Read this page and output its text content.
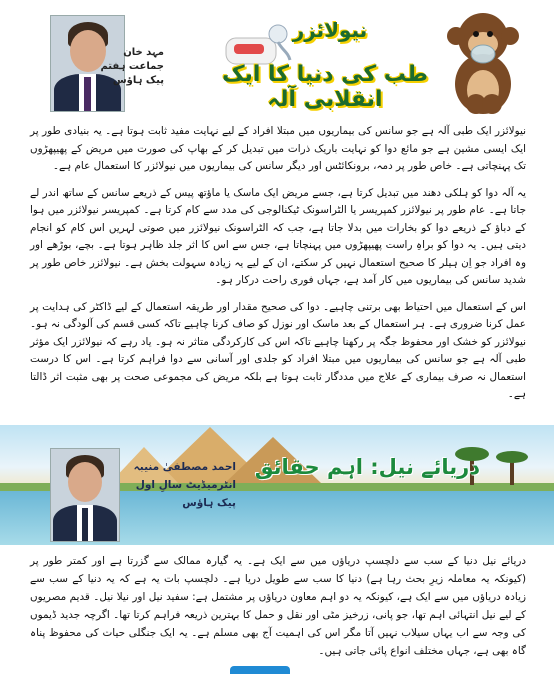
مہد خان
جماعت ہفتم
پیک ہاؤس
نیولائزر
طب کی دنیا کا ایک انقلابی آلہ

نیولائزر ایک طبی آلہ ہے جو سانس کی بیماریوں میں مبتلا افراد کے لیے نہایت مفید ثابت ہوتا ہے۔ یہ بنیادی طور پر ایک ایسی مشین ہے جو مائع دوا کو نہایت باریک ذرات میں تبدیل کر کے بھاپ کی صورت میں مریض کے پھیپھڑوں تک پہنچاتی ہے۔ خاص طور پر دمہ، برونکائٹس اور دیگر سانس کی بیماریوں میں نیولائزر کا استعمال عام ہے۔

یہ آلہ دوا کو ہلکی دھند میں تبدیل کرتا ہے، جسے مریض ایک ماسک یا ماؤتھ پیس کے ذریعے سانس کے ساتھ اندر لے جاتا ہے۔ عام طور پر نیولائزر کمپریسر یا الٹراسونک ٹیکنالوجی کی مدد سے کام کرتا ہے۔ کمپریسر نیولائزر میں ہوا کے دباؤ کے ذریعے دوا کو بخارات میں بدلا جاتا ہے، جب کہ الٹراسونک نیولائزر میں صوتی لہریں اس کام کو انجام دیتی ہیں۔ یہ دوا کو براہِ راست پھیپھڑوں میں پہنچاتا ہے، جس سے اس کا اثر جلد ظاہر ہوتا ہے۔ بچے، بوڑھے اور وہ افراد جو اِن ہیلر کا صحیح استعمال نہیں کر سکتے، ان کے لیے یہ زیادہ سہولت بخش ہے۔ نیولائزر خاص طور پر شدید سانس کی بیماریوں میں کار آمد ہے، جہاں فوری راحت درکار ہو۔

اس کے استعمال میں احتیاط بھی برتنی چاہیے۔ دوا کی صحیح مقدار اور طریقہ استعمال کے لیے ڈاکٹر کی ہدایت پر عمل کرنا ضروری ہے۔ ہر استعمال کے بعد ماسک اور نوزل کو صاف کرنا چاہیے تاکہ کسی قسم کی آلودگی نہ ہو۔ نیولائزر کو خشک اور محفوظ جگہ پر رکھنا چاہیے تاکہ اس کی کارکردگی متاثر نہ ہو۔ یاد رہے کہ نیولائزر ایک مؤثر طبی آلہ ہے جو سانس کی بیماریوں میں مبتلا افراد کو جلدی اور آسانی سے دوا فراہم کرتا ہے۔ اس کا درست استعمال نہ صرف بیماری کے علاج میں مددگار ثابت ہوتا ہے بلکہ مریض کی مجموعی صحت پر بھی مثبت اثر ڈالتا ہے۔

احمد مصطفیٰ منیبہ
انٹرمیڈیٹ سالِ اول
پیک ہاؤس
دریائے نیل: اہم حقائق

دریائے نیل دنیا کے سب سے دلچسپ دریاؤں میں سے ایک ہے۔ یہ گیارہ ممالک سے گزرتا ہے اور کمتر طور پر (کیونکہ یہ معاملہ زیرِ بحث رہا ہے) دنیا کا سب سے طویل دریا ہے۔ دلچسپ بات یہ ہے کہ یہ دنیا کے سب سے زیادہ دریاؤں میں سے ایک ہے، کیونکہ یہ دو اہم معاون دریاؤں پر مشتمل ہے: سفید نیل اور نیلا نیل۔ قدیم مصریوں کے لیے نیل انتہائی اہم تھا، جو پانی، زرخیز مٹی اور نقل و حمل کا بہترین ذریعہ فراہم کرتا تھا۔ اگرچہ جدید ڈیموں کی وجہ سے اب یہاں سیلاب نہیں آتا مگر اس کی اہمیت آج بھی مسلم ہے۔ یہ ایک جنگلی حیات کی محفوظ پناہ گاہ بھی ہے، جہاں مختلف انواع پائی جاتی ہیں۔
